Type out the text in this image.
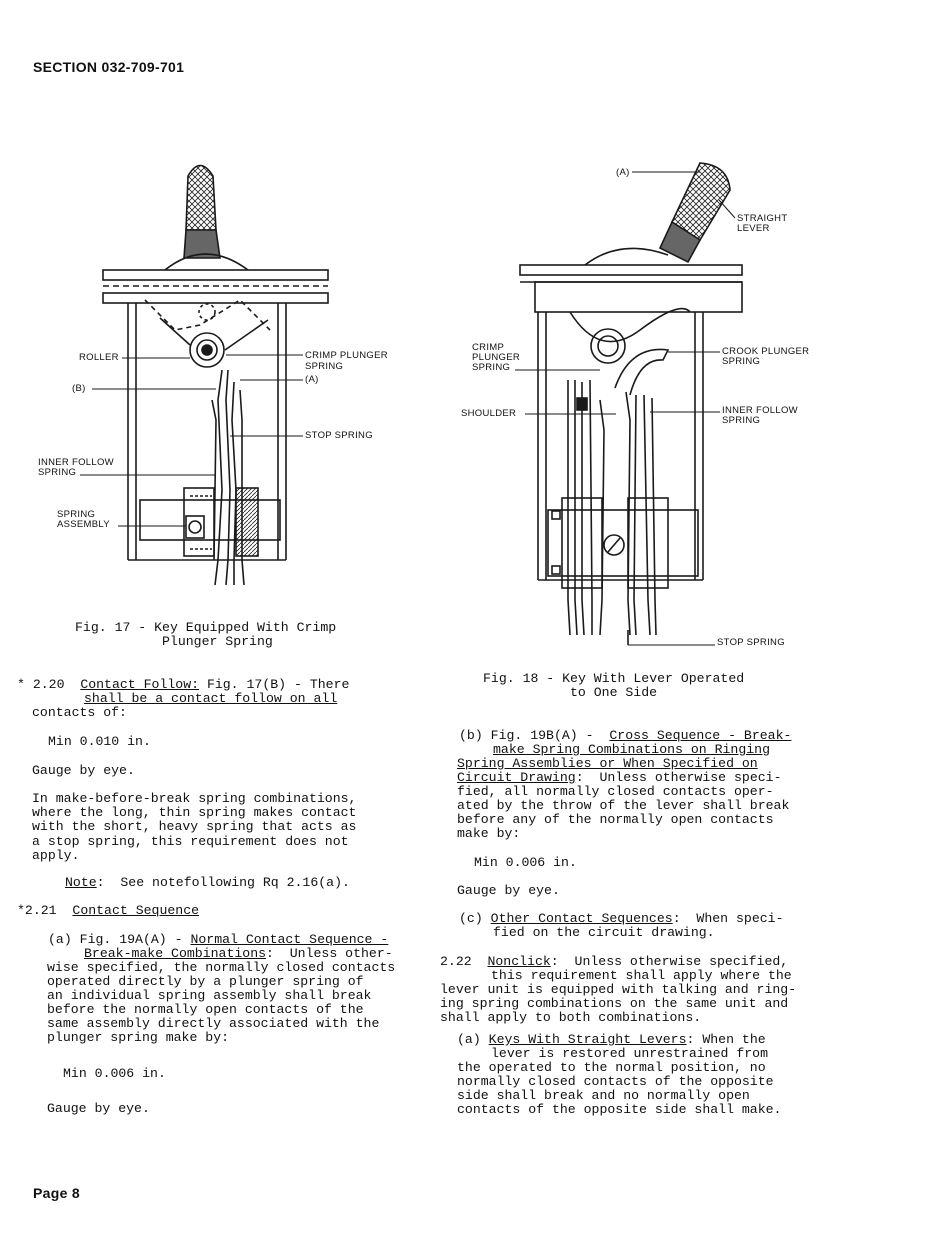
SECTION 032-709-701
Page 8
ROLLER
(B)
INNER FOLLOW
SPRING
SPRING
ASSEMBLY
CRIMP PLUNGER
SPRING
(A)
STOP SPRING
Fig. 17 - Key Equipped With Crimp
Plunger Spring
(A)
STRAIGHT
LEVER
CRIMP
PLUNGER
SPRING
SHOULDER
CROOK PLUNGER
SPRING
INNER FOLLOW
SPRING
STOP SPRING
Fig. 18 - Key With Lever Operated
to One Side
* 2.20 Contact Follow: Fig. 17(B) - There
shall be a contact follow on all
contacts of:
Min 0.010 in.
Gauge by eye.
In make-before-break spring combinations,
where the long, thin spring makes contact
with the short, heavy spring that acts as
a stop spring, this requirement does not
apply.
Note:  See notefollowing Rq 2.16(a).
*2.21 Contact Sequence
(a) Fig. 19A(A) - Normal Contact Sequence -
Break-make Combinations:  Unless other-
wise specified, the normally closed contacts
operated directly by a plunger spring of
an individual spring assembly shall break
before the normally open contacts of the
same assembly directly associated with the
plunger spring make by:
Min 0.006 in.
Gauge by eye.
(b) Fig. 19B(A) -  Cross Sequence - Break-
make Spring Combinations on Ringing
Spring Assemblies or When Specified on
Circuit Drawing:  Unless otherwise speci-
fied, all normally closed contacts oper-
ated by the throw of the lever shall break
before any of the normally open contacts
make by:
Min 0.006 in.
Gauge by eye.
(c) Other Contact Sequences:  When speci-
fied on the circuit drawing.
2.22  Nonclick:  Unless otherwise specified,
this requirement shall apply where the
lever unit is equipped with talking and ring-
ing spring combinations on the same unit and
shall apply to both combinations.
(a) Keys With Straight Levers: When the
lever is restored unrestrained from
the operated to the normal position, no
normally closed contacts of the opposite
side shall break and no normally open
contacts of the opposite side shall make.
